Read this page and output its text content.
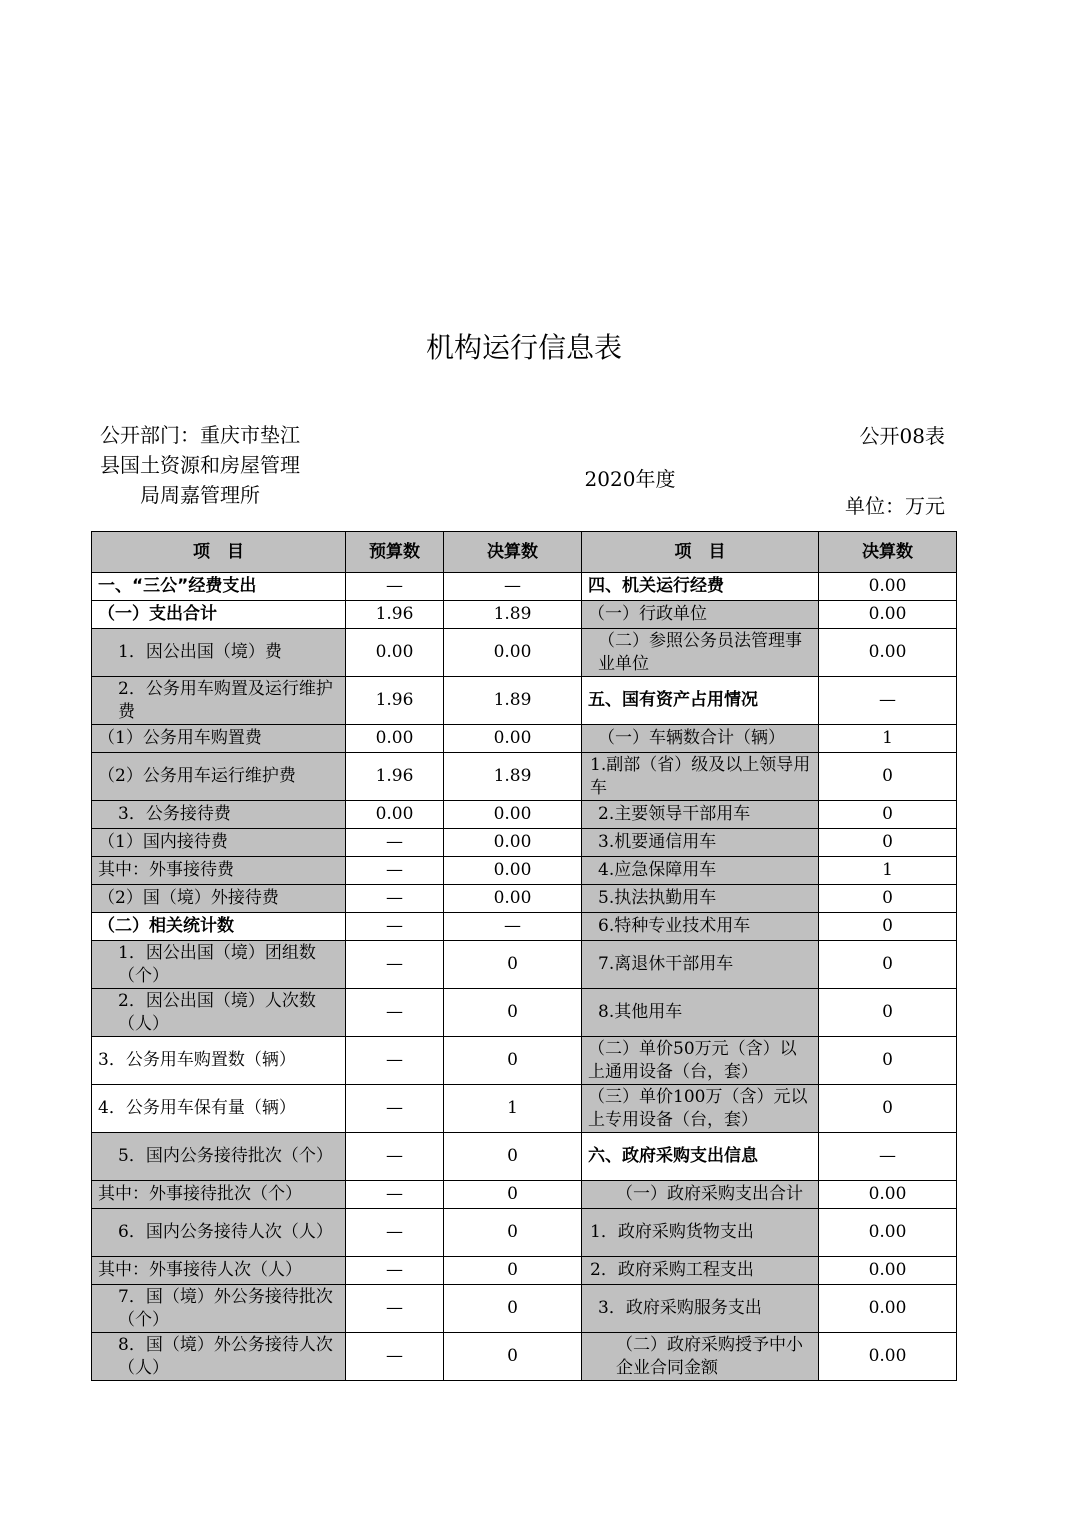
机构运行信息表
公开部门：重庆市垫江县国土资源和房屋管理局周嘉管理所
公开08表
2020年度
单位：万元
项　目	预算数	决算数	项　目	决算数
一、“三公”经费支出	—	—	四、机关运行经费	0.00
（一）支出合计	1.96	1.89	（一）行政单位	0.00
1．因公出国（境）费	0.00	0.00	（二）参照公务员法管理事业单位	0.00
2．公务用车购置及运行维护费	1.96	1.89	五、国有资产占用情况	—
（1）公务用车购置费	0.00	0.00	（一）车辆数合计（辆）	1
（2）公务用车运行维护费	1.96	1.89	1.副部（省）级及以上领导用车	0
3．公务接待费	0.00	0.00	2.主要领导干部用车	0
（1）国内接待费	—	0.00	3.机要通信用车	0
其中：外事接待费	—	0.00	4.应急保障用车	1
（2）国（境）外接待费	—	0.00	5.执法执勤用车	0
（二）相关统计数	—	—	6.特种专业技术用车	0
1．因公出国（境）团组数（个）	—	0	7.离退休干部用车	0
2．因公出国（境）人次数（人）	—	0	8.其他用车	0
3．公务用车购置数（辆）	—	0	（二）单价50万元（含）以上通用设备（台，套）	0
4．公务用车保有量（辆）	—	1	（三）单价100万（含）元以上专用设备（台，套）	0
5．国内公务接待批次（个）	—	0	六、政府采购支出信息	—
其中：外事接待批次（个）	—	0	（一）政府采购支出合计	0.00
6．国内公务接待人次（人）	—	0	1．政府采购货物支出	0.00
其中：外事接待人次（人）	—	0	2．政府采购工程支出	0.00
7．国（境）外公务接待批次（个）	—	0	3．政府采购服务支出	0.00
8．国（境）外公务接待人次（人）	—	0	（二）政府采购授予中小企业合同金额	0.00
